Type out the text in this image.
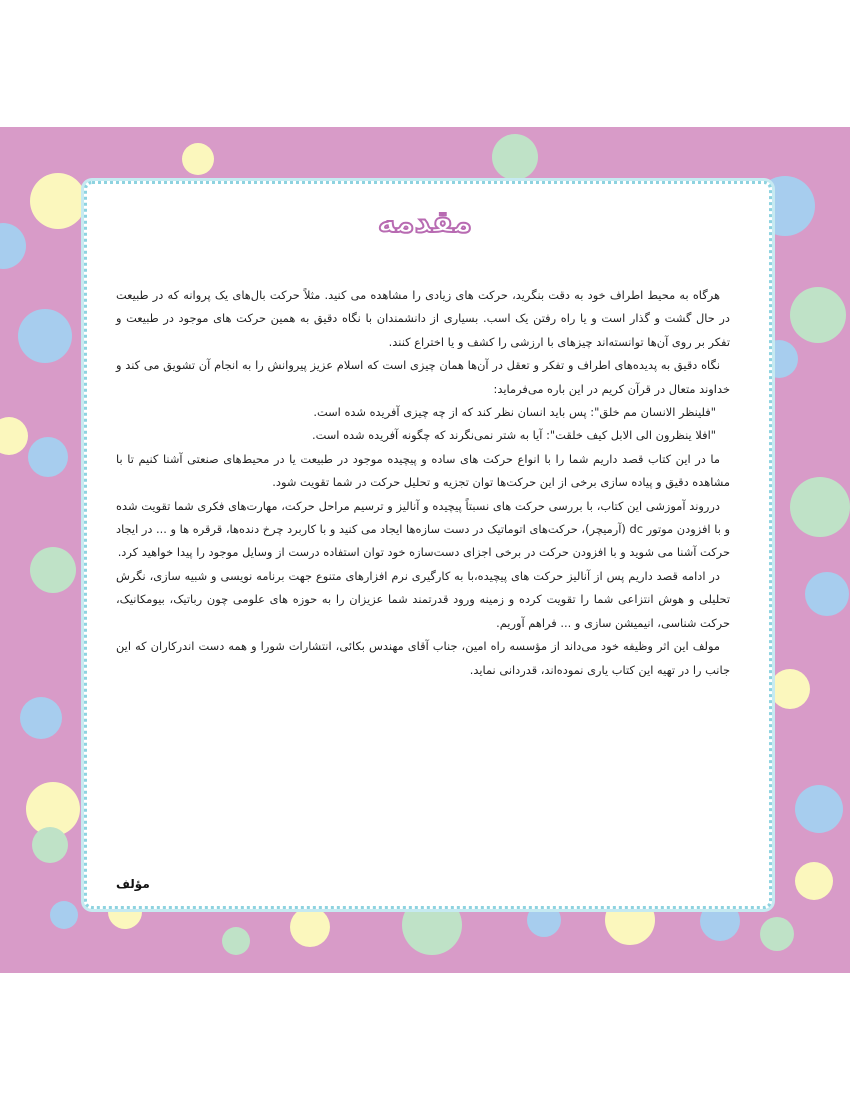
مقدمه

هرگاه به محیط اطراف خود به دقت بنگرید، حرکت های زیادی را مشاهده می کنید. مثلاً حرکت بال‌های یک پروانه که در طبیعت در حال گشت و گذار است و یا راه رفتن یک اسب. بسیاری از دانشمندان با نگاه دقیق به همین حرکت های موجود در طبیعت و تفکر بر روی آن‌ها توانسته‌اند چیزهای با ارزشی را کشف و یا اختراع کنند.

نگاه دقیق به پدیده‌های اطراف و تفکر و تعقل در آن‌ها همان چیزی است که اسلام عزیز پیروانش را به انجام آن تشویق می کند و خداوند متعال در قرآن کریم در این باره می‌فرماید:

"فلینظر الانسان مم خلق": پس باید انسان نظر کند که از چه چیزی آفریده شده است.

"افلا ینظرون الی الابل کیف خلقت": آیا به شتر نمی‌نگرند که چگونه آفریده شده است.

ما در این کتاب قصد داریم شما را با انواع حرکت های ساده و پیچیده موجود در طبیعت یا در محیط‌های صنعتی آشنا کنیم تا با مشاهده دقیق و پیاده سازی برخی از این حرکت‌ها توان تجزیه و تحلیل حرکت در شما تقویت شود.

درروند آموزشی این کتاب، با بررسی حرکت های نسبتاً پیچیده و آنالیز و ترسیم مراحل حرکت، مهارت‌های فکری شما تقویت شده و با افزودن موتور dc (آرمیچر)، حرکت‌های اتوماتیک در دست سازه‌ها ایجاد می کنید و با کاربرد چرخ دنده‌ها، قرقره ها و ... در ایجاد حرکت آشنا می شوید و با افزودن حرکت در برخی اجزای دست‌سازه خود توان استفاده درست از وسایل موجود را پیدا خواهید کرد.

در ادامه قصد داریم پس از آنالیز حرکت های پیچیده،با به کارگیری نرم افزارهای متنوع جهت برنامه نویسی و شبیه سازی، نگرش تحلیلی و هوش انتزاعی شما را تقویت کرده و زمینه ورود قدرتمند شما عزیزان را به حوزه های علومی چون رباتیک، بیومکانیک، حرکت شناسی، انیمیشن سازی و ... فراهم آوریم.

مولف این اثر وظیفه خود می‌داند از مؤسسه راه امین، جناب آقای مهندس بکائی، انتشارات شورا و همه دست اندرکاران که این جانب را در تهیه این کتاب یاری نموده‌اند، قدردانی نماید.

مؤلف
